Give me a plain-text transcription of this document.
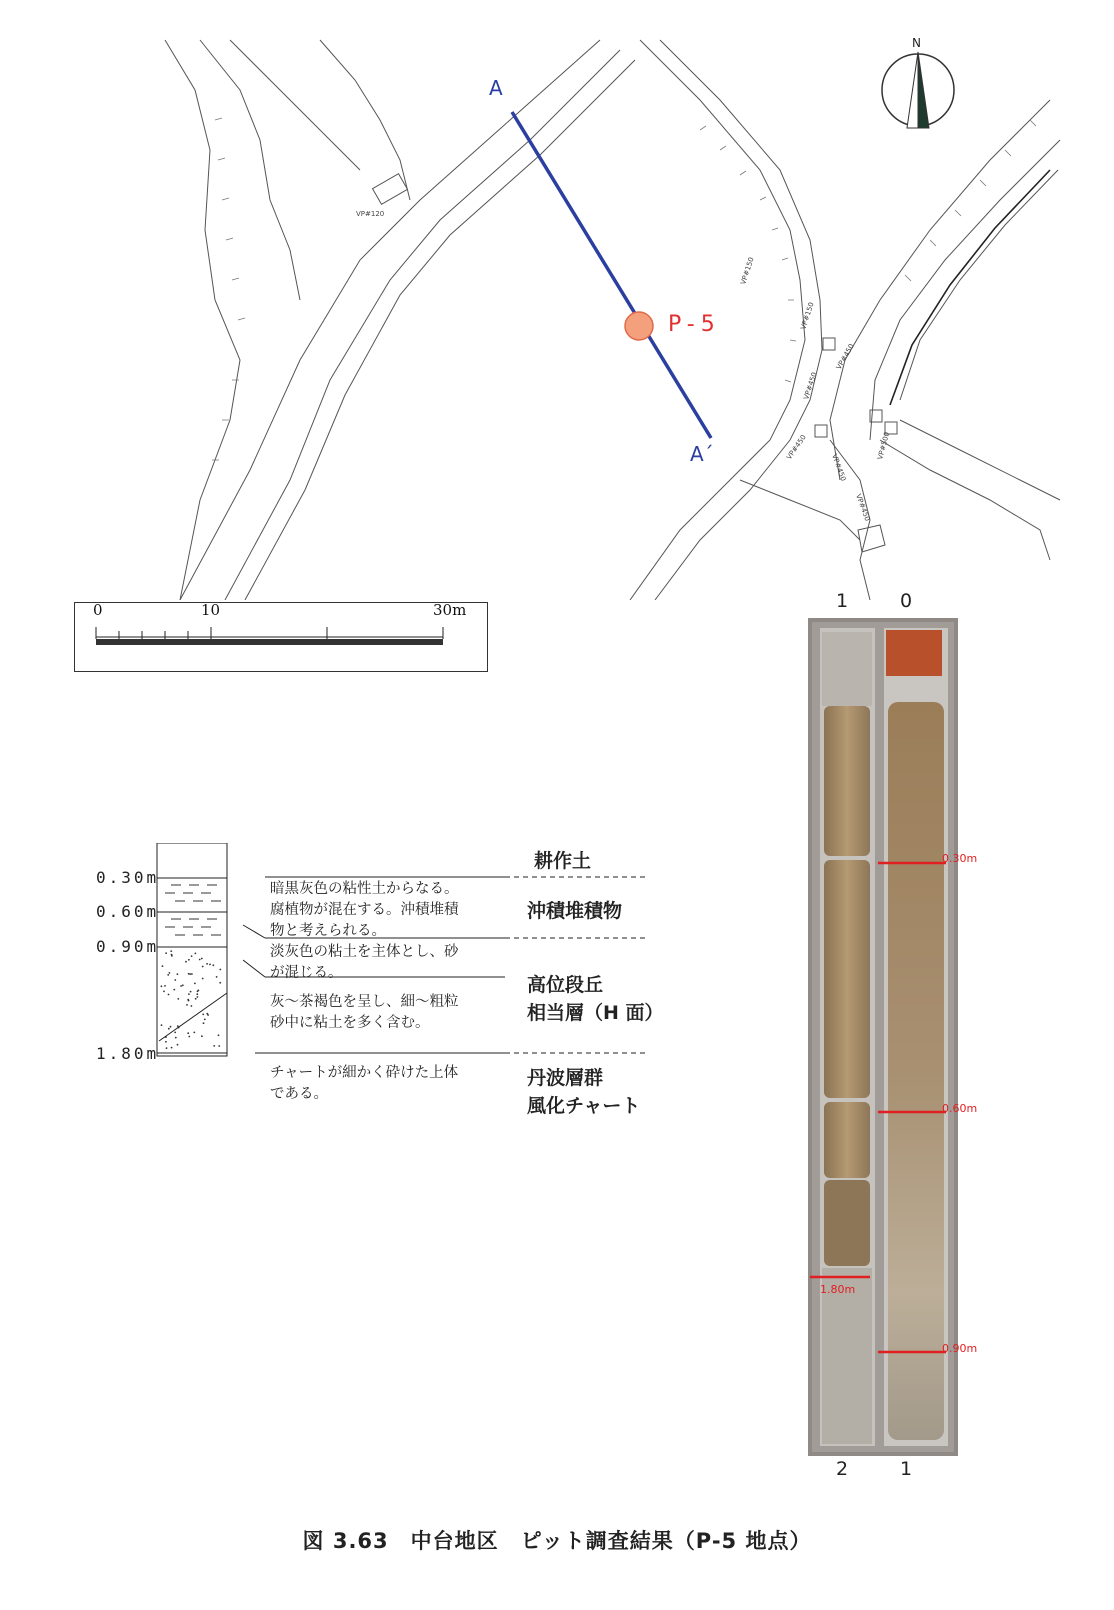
VP#120
VP#150
VP#150
VP#450
VP#450
VP#450
VP#450
VP#500
VP#450
A
A´
P-5
N
0	10	30m	1	0
0.30m
0.60m
0.90m
1.80m
2	1
0.30m
0.60m
0.90m
1.80m
暗黒灰色の粘性土からなる。
腐植物が混在する。沖積堆積
物と考えられる。
淡灰色の粘土を主体とし、砂
が混じる。
灰～茶褐色を呈し、細～粗粒
砂中に粘土を多く含む。
チャートが細かく砕けた上体
である。
耕作土
沖積堆積物
高位段丘
相当層（H 面）
丹波層群
風化チャート
図 3.63　中台地区　ピット調査結果（P-5 地点）
